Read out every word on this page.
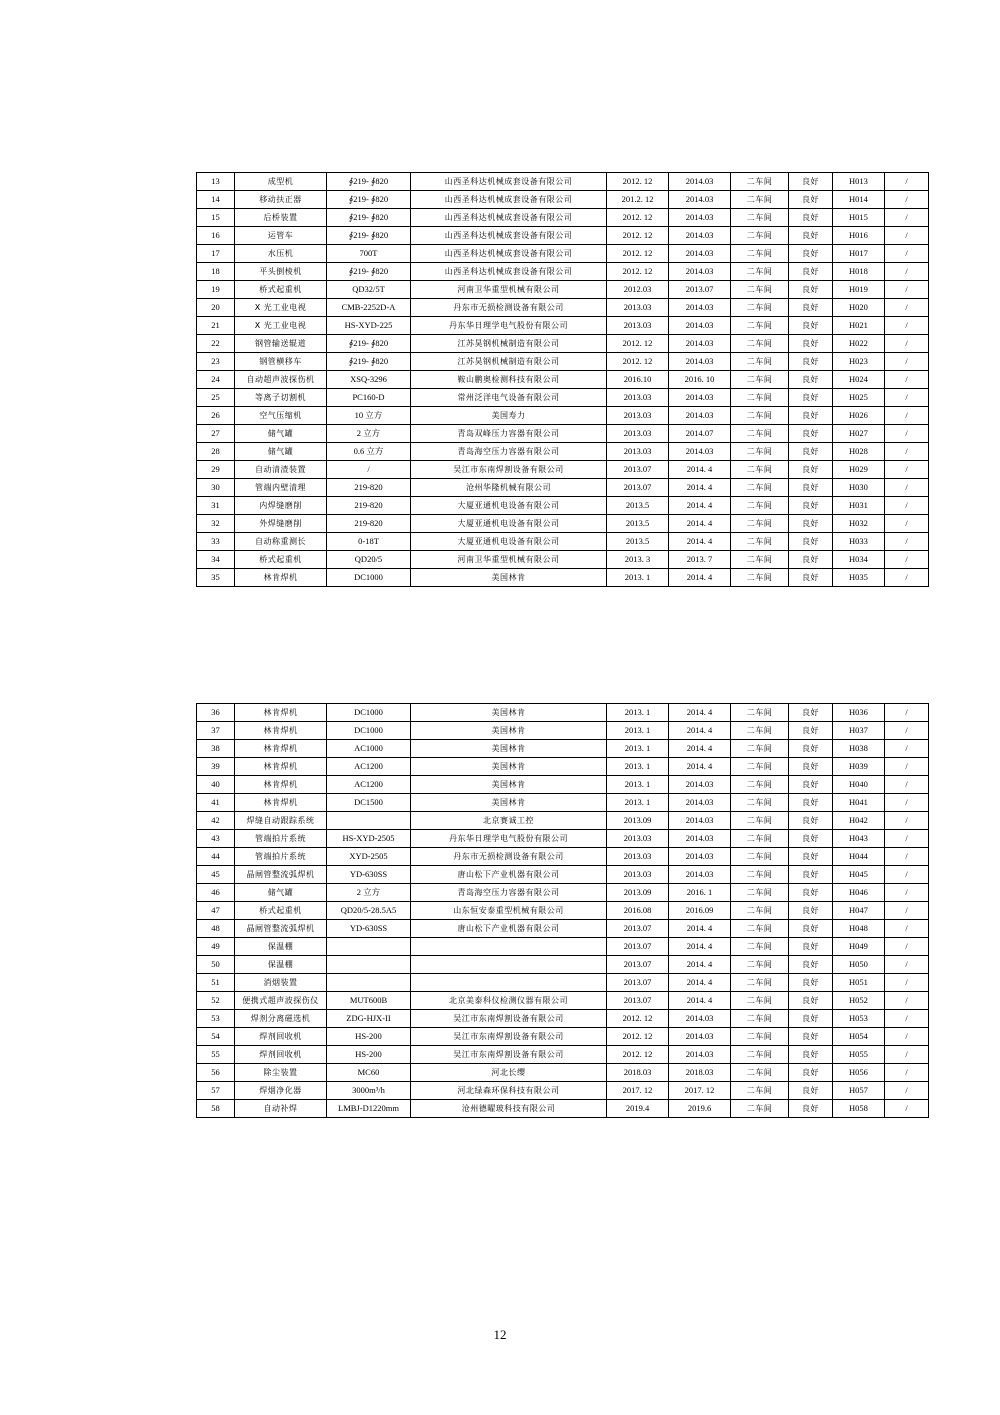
13	成型机	∮219- ∮820	山西圣科达机械成套设备有限公司	2012. 12	2014.03	二车间	良好	H013	/
14	移动扶正器	∮219- ∮820	山西圣科达机械成套设备有限公司	201.2. 12	2014.03	二车间	良好	H014	/
15	后桥装置	∮219- ∮820	山西圣科达机械成套设备有限公司	2012. 12	2014.03	二车间	良好	H015	/
16	运管车	∮219- ∮820	山西圣科达机械成套设备有限公司	2012. 12	2014.03	二车间	良好	H016	/
17	水压机	700T	山西圣科达机械成套设备有限公司	2012. 12	2014.03	二车间	良好	H017	/
18	平头倒棱机	∮219- ∮820	山西圣科达机械成套设备有限公司	2012. 12	2014.03	二车间	良好	H018	/
19	桥式起重机	QD32/5T	河南卫华重型机械有限公司	2012.03	2013.07	二车间	良好	H019	/
20	X 光工业电视	CMB-2252D-A	丹东市无损检测设备有限公司	2013.03	2014.03	二车间	良好	H020	/
21	X 光工业电视	HS-XYD-225	丹东华日理学电气股份有限公司	2013.03	2014.03	二车间	良好	H021	/
22	钢管输送辊道	∮219- ∮820	江苏昊钢机械制造有限公司	2012. 12	2014.03	二车间	良好	H022	/
23	钢管横移车	∮219- ∮820	江苏昊钢机械制造有限公司	2012. 12	2014.03	二车间	良好	H023	/
24	自动超声波探伤机	XSQ-3296	鞍山鹏奥检测科技有限公司	2016.10	2016. 10	二车间	良好	H024	/
25	等离子切割机	PC160-D	常州泛洋电气设备有限公司	2013.03	2014.03	二车间	良好	H025	/
26	空气压缩机	10 立方	美国寿力	2013.03	2014.03	二车间	良好	H026	/
27	储气罐	2 立方	青岛双峰压力容器有限公司	2013.03	2014.07	二车间	良好	H027	/
28	储气罐	0.6 立方	青岛海空压力容器有限公司	2013.03	2014.03	二车间	良好	H028	/
29	自动清渣装置	/	吴江市东南焊割设备有限公司	2013.07	2014. 4	二车间	良好	H029	/
30	管端内壁清理	219-820	沧州华隆机械有限公司	2013.07	2014. 4	二车间	良好	H030	/
31	内焊缝磨削	219-820	大厦亚通机电设备有限公司	2013.5	2014. 4	二车间	良好	H031	/
32	外焊缝磨削	219-820	大厦亚通机电设备有限公司	2013.5	2014. 4	二车间	良好	H032	/
33	自动称重测长	0-18T	大厦亚通机电设备有限公司	2013.5	2014. 4	二车间	良好	H033	/
34	桥式起重机	QD20/5	河南卫华重型机械有限公司	2013. 3	2013. 7	二车间	良好	H034	/
35	林肯焊机	DC1000	美国林肯	2013. 1	2014. 4	二车间	良好	H035	/
36	林肯焊机	DC1000	美国林肯	2013. 1	2014. 4	二车间	良好	H036	/
37	林肯焊机	DC1000	美国林肯	2013. 1	2014. 4	二车间	良好	H037	/
38	林肯焊机	AC1000	美国林肯	2013. 1	2014. 4	二车间	良好	H038	/
39	林肯焊机	AC1200	美国林肯	2013. 1	2014. 4	二车间	良好	H039	/
40	林肯焊机	AC1200	美国林肯	2013. 1	2014.03	二车间	良好	H040	/
41	林肯焊机	DC1500	美国林肯	2013. 1	2014.03	二车间	良好	H041	/
42	焊缝自动跟踪系统		北京赛诚工控	2013.09	2014.03	二车间	良好	H042	/
43	管端拍片系统	HS-XYD-2505	丹东华日理学电气股份有限公司	2013.03	2014.03	二车间	良好	H043	/
44	管端拍片系统	XYD-2505	丹东市无损检测设备有限公司	2013.03	2014.03	二车间	良好	H044	/
45	晶闸管整流弧焊机	YD-630SS	唐山松下产业机器有限公司	2013.03	2014.03	二车间	良好	H045	/
46	储气罐	2 立方	青岛海空压力容器有限公司	2013.09	2016. 1	二车间	良好	H046	/
47	桥式起重机	QD20/5-28.5A5	山东恒安泰重型机械有限公司	2016.08	2016.09	二车间	良好	H047	/
48	晶闸管整流弧焊机	YD-630SS	唐山松下产业机器有限公司	2013.07	2014. 4	二车间	良好	H048	/
49	保温棚			2013.07	2014. 4	二车间	良好	H049	/
50	保温棚			2013.07	2014. 4	二车间	良好	H050	/
51	消烟装置			2013.07	2014. 4	二车间	良好	H051	/
52	便携式超声波探伤仪	MUT600B	北京美泰科仪检测仪器有限公司	2013.07	2014. 4	二车间	良好	H052	/
53	焊剂分离磁选机	ZDG-HJX-II	吴江市东南焊割设备有限公司	2012. 12	2014.03	二车间	良好	H053	/
54	焊剂回收机	HS-200	吴江市东南焊割设备有限公司	2012. 12	2014.03	二车间	良好	H054	/
55	焊剂回收机	HS-200	吴江市东南焊割设备有限公司	2012. 12	2014.03	二车间	良好	H055	/
56	除尘装置	MC60	河北长缨	2018.03	2018.03	二车间	良好	H056	/
57	焊烟净化器	3000m³/h	河北绿森环保科技有限公司	2017. 12	2017. 12	二车间	良好	H057	/
58	自动补焊	LMBJ-D1220mm	沧州德曜玻科技有限公司	2019.4	2019.6	二车间	良好	H058	/
12
